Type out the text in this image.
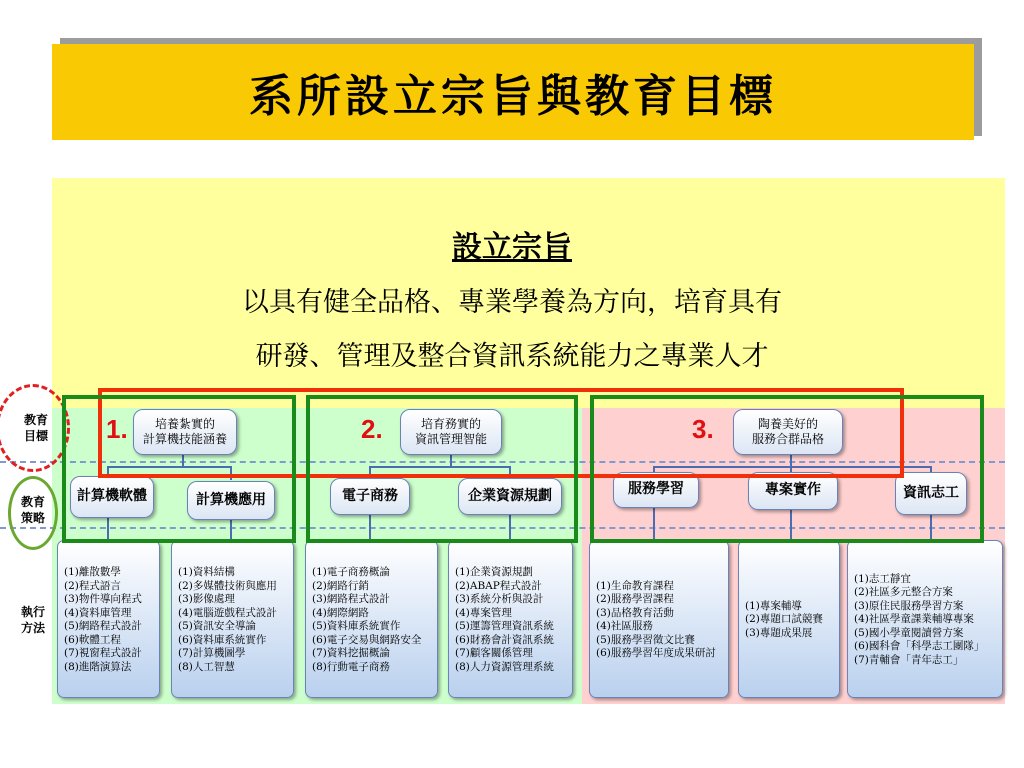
系所設立宗旨與教育目標
設立宗旨
以具有健全品格、專業學養為方向，培育具有
研發、管理及整合資訊系統能力之專業人才
教育
目標
教育
策略
執行
方法
培養紮實的
計算機技能涵養
培育務實的
資訊管理智能
陶養美好的
服務合群品格
1.	2.	3.
計算機軟體	計算機應用	電子商務	企業資源規劃	服務學習	專案實作	資訊志工
(1)離散數學
(2)程式語言
(3)物件導向程式
(4)資料庫管理
(5)網路程式設計
(6)軟體工程
(7)視窗程式設計
(8)進階演算法
(1)資料結構
(2)多媒體技術與應用
(3)影像處理
(4)電腦遊戲程式設計
(5)資訊安全導論
(6)資料庫系統實作
(7)計算機圖學
(8)人工智慧
(1)電子商務概論
(2)網路行銷
(3)網路程式設計
(4)網際網路
(5)資料庫系統實作
(6)電子交易與網路安全
(7)資料挖掘概論
(8)行動電子商務
(1)企業資源規劃
(2)ABAP程式設計
(3)系統分析與設計
(4)專案管理
(5)運籌管理資訊系統
(6)財務會計資訊系統
(7)顧客關係管理
(8)人力資源管理系統
(1)生命教育課程
(2)服務學習課程
(3)品格教育活動
(4)社區服務
(5)服務學習徵文比賽
(6)服務學習年度成果研討
(1)專案輔導
(2)專題口試競賽
(3)專題成果展
(1)志工靜宜
(2)社區多元整合方案
(3)原住民服務學習方案
(4)社區學童課業輔導專案
(5)國小學童閱讀營方案
(6)國科會「科學志工團隊」
(7)青輔會「青年志工」
